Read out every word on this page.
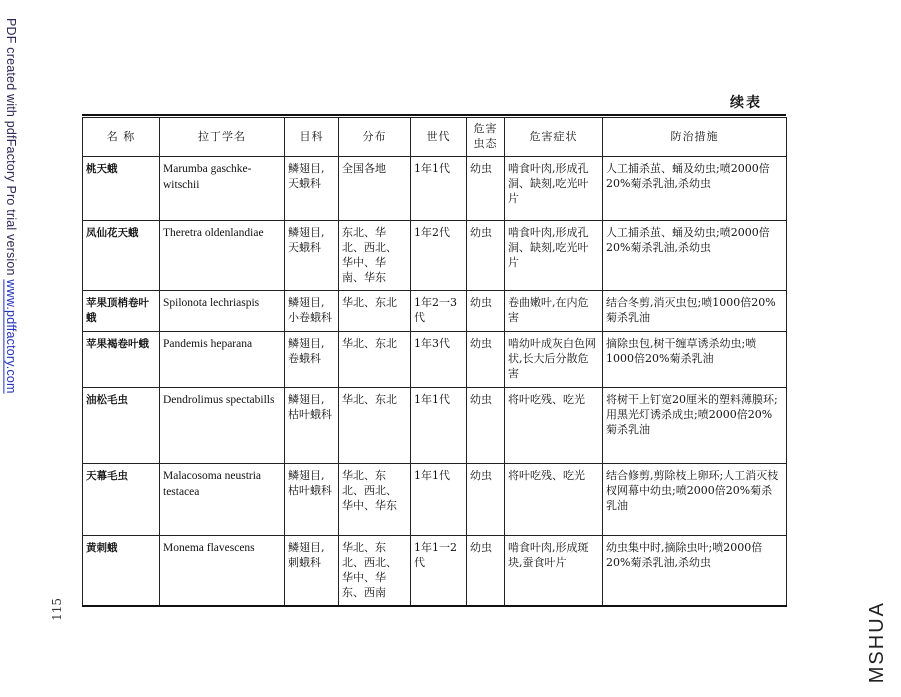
PDF created with pdfFactory Pro trial version www.pdffactory.com
115	MSHUA
续表
名 称	拉丁学名	目科	分布	世代	危害虫态	危害症状	防治措施
桃天蛾	Marumba gaschke-witschii	鳞翅目,天蛾科	全国各地	1年1代	幼虫	啃食叶肉,形成孔洞、缺刻,吃光叶片	人工捕杀茧、蛹及幼虫;喷2000倍20%菊杀乳油,杀幼虫
凤仙花天蛾	Theretra oldenlandiae	鳞翅目,天蛾科	东北、华北、西北、华中、华南、华东	1年2代	幼虫	啃食叶肉,形成孔洞、缺刻,吃光叶片	人工捕杀茧、蛹及幼虫;喷2000倍20%菊杀乳油,杀幼虫
苹果顶梢卷叶蛾	Spilonota lechriaspis	鳞翅目,小卷蛾科	华北、东北	1年2一3代	幼虫	卷曲嫩叶,在内危害	结合冬剪,消灭虫包;喷1000倍20%菊杀乳油
苹果褐卷叶蛾	Pandemis heparana	鳞翅目,卷蛾科	华北、东北	1年3代	幼虫	啃幼叶成灰白色网状,长大后分散危害	摘除虫包,树干缠草诱杀幼虫;喷1000倍20%菊杀乳油
油松毛虫	Dendrolimus spectabills	鳞翅目,枯叶蛾科	华北、东北	1年1代	幼虫	将叶吃残、吃光	将树干上钉宽20厘米的塑料薄膜环;用黑光灯诱杀成虫;喷2000倍20%菊杀乳油
天幕毛虫	Malacosoma neustria testacea	鳞翅目,枯叶蛾科	华北、东北、西北、华中、华东	1年1代	幼虫	将叶吃残、吃光	结合修剪,剪除枝上卵环;人工消灭枝杈网幕中幼虫;喷2000倍20%菊杀乳油
黄刺蛾	Monema flavescens	鳞翅目,刺蛾科	华北、东北、西北、华中、华东、西南	1年1一2代	幼虫	啃食叶肉,形成斑块,蚕食叶片	幼虫集中时,摘除虫叶;喷2000倍20%菊杀乳油,杀幼虫
